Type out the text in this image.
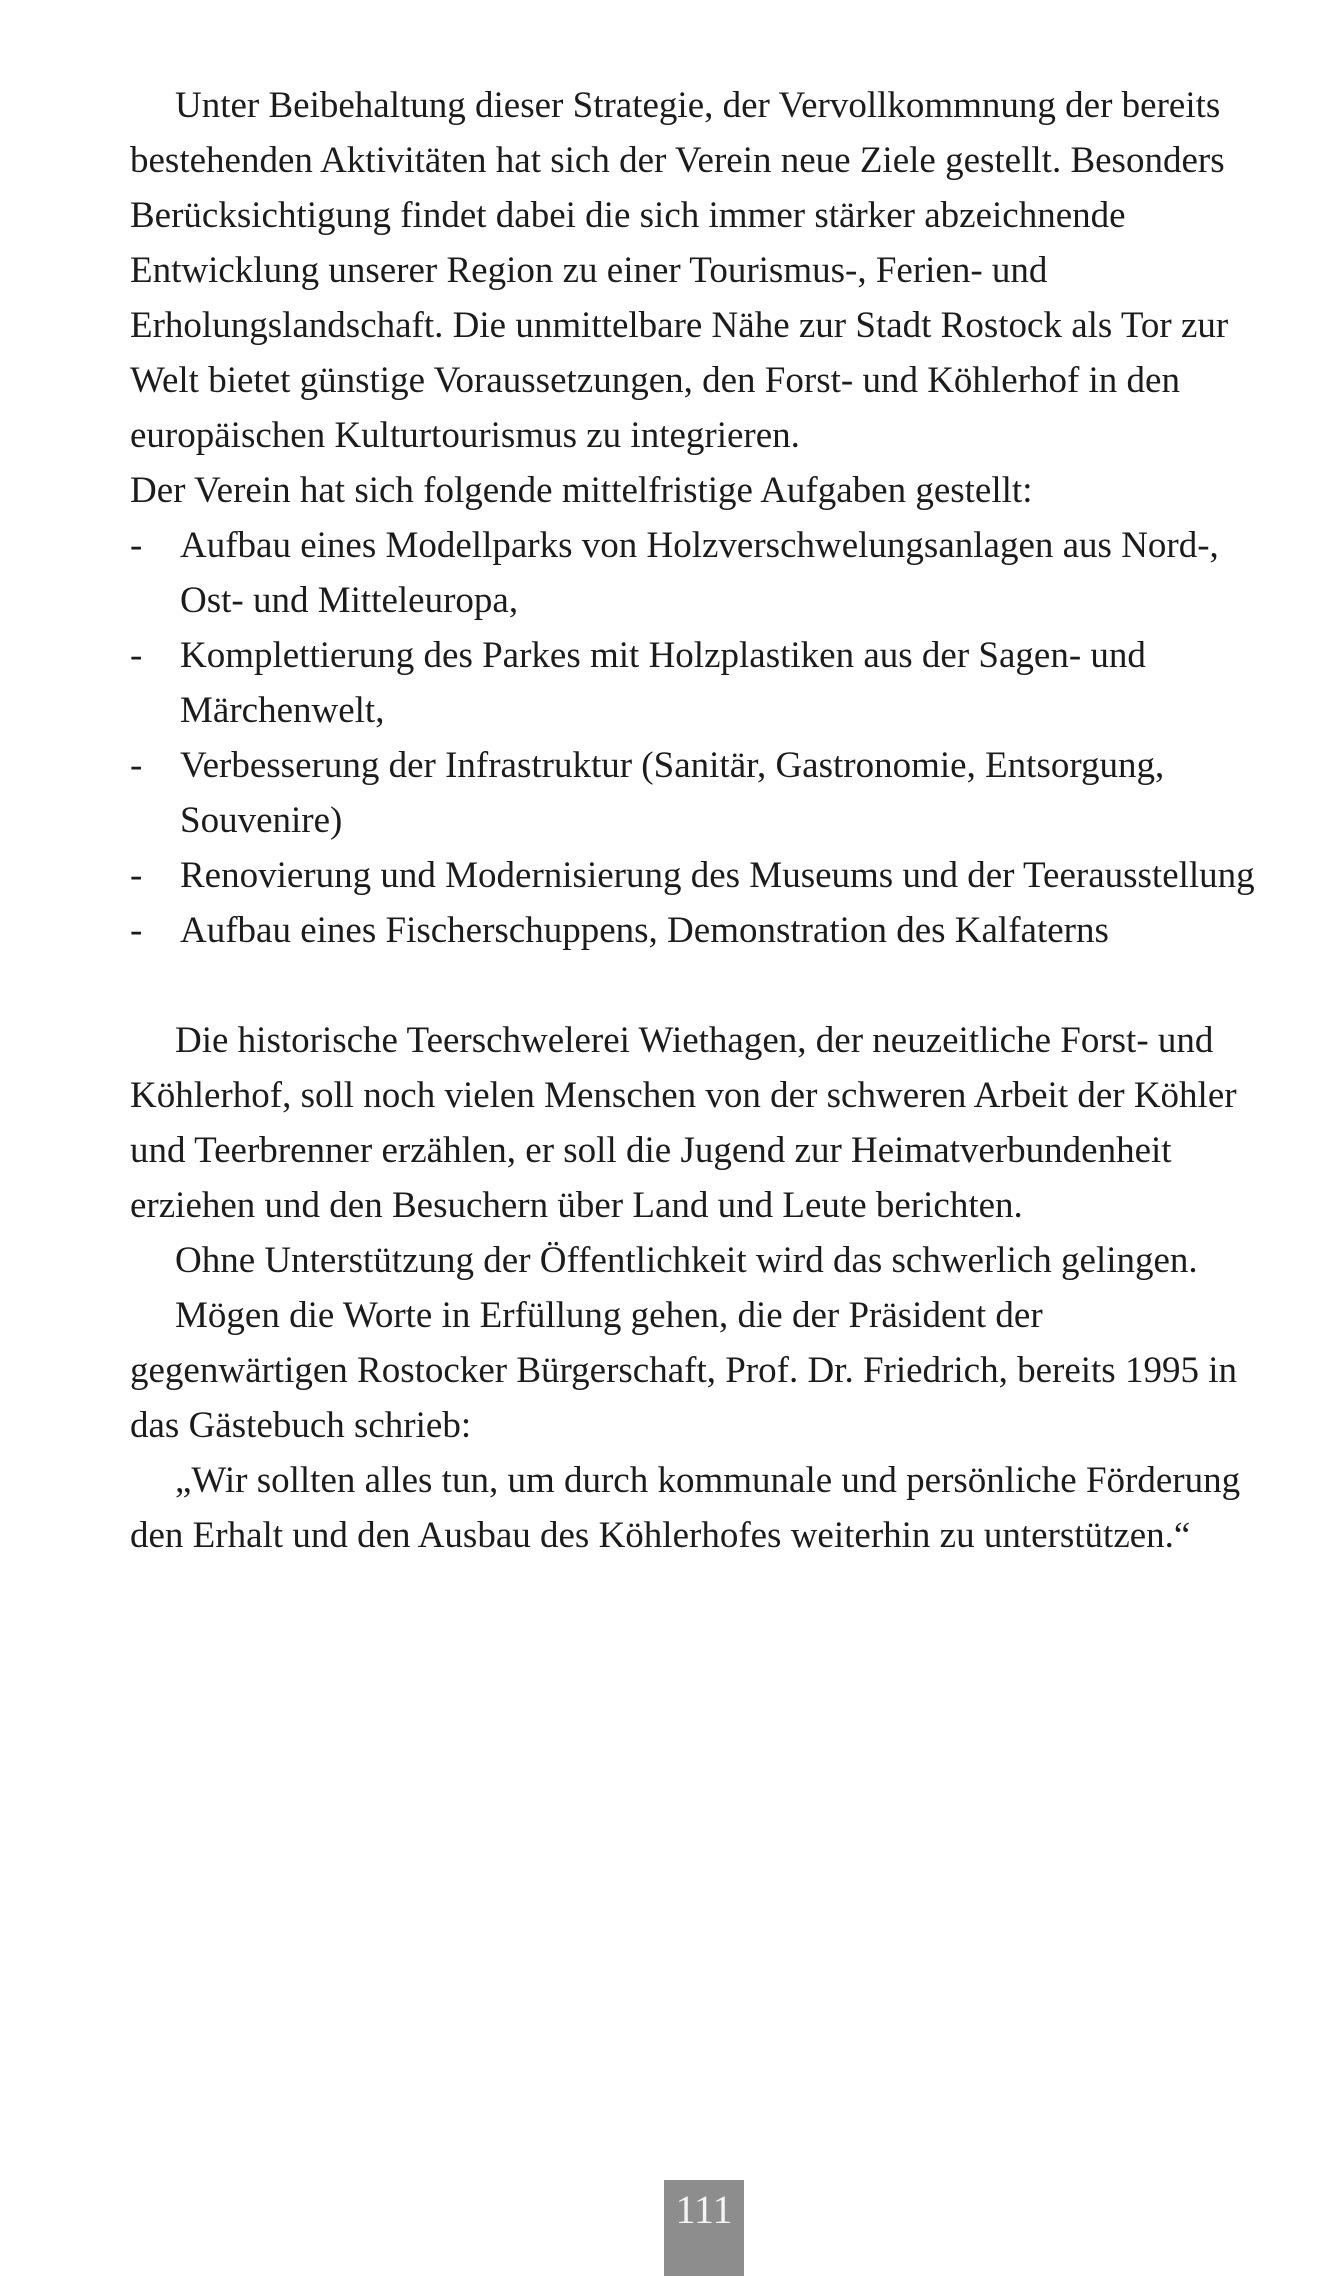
Unter Beibehaltung dieser Strategie, der Vervollkommnung der bereits bestehenden Aktivitäten hat sich der Verein neue Ziele gestellt. Besonders Berücksichtigung findet dabei die sich immer stärker abzeichnende Entwicklung unserer Region zu einer Tourismus-, Ferien- und Erholungslandschaft. Die unmittelbare Nähe zur Stadt Rostock als Tor zur Welt bietet günstige Voraussetzungen, den Forst- und Köhlerhof in den europäischen Kulturtourismus zu integrieren.

Der Verein hat sich folgende mittelfristige Aufgaben gestellt:

- Aufbau eines Modellparks von Holzverschwelungsanlagen aus Nord-, Ost- und Mitteleuropa,
- Komplettierung des Parkes mit Holzplastiken aus der Sagen- und Märchenwelt,
- Verbesserung der Infrastruktur (Sanitär, Gastronomie, Entsorgung, Souvenire)
- Renovierung und Modernisierung des Museums und der Teerausstellung
- Aufbau eines Fischerschuppens, Demonstration des Kalfaterns

Die historische Teerschwelerei Wiethagen, der neuzeitliche Forst- und Köhlerhof, soll noch vielen Menschen von der schweren Arbeit der Köhler und Teerbrenner erzählen, er soll die Jugend zur Heimatverbundenheit erziehen und den Besuchern über Land und Leute berichten.

Ohne Unterstützung der Öffentlichkeit wird das schwerlich gelingen.

Mögen die Worte in Erfüllung gehen, die der Präsident der gegenwärtigen Rostocker Bürgerschaft, Prof. Dr. Friedrich, bereits 1995 in das Gästebuch schrieb:

„Wir sollten alles tun, um durch kommunale und persönliche Förderung den Erhalt und den Ausbau des Köhlerhofes weiterhin zu unterstützen.“

111
